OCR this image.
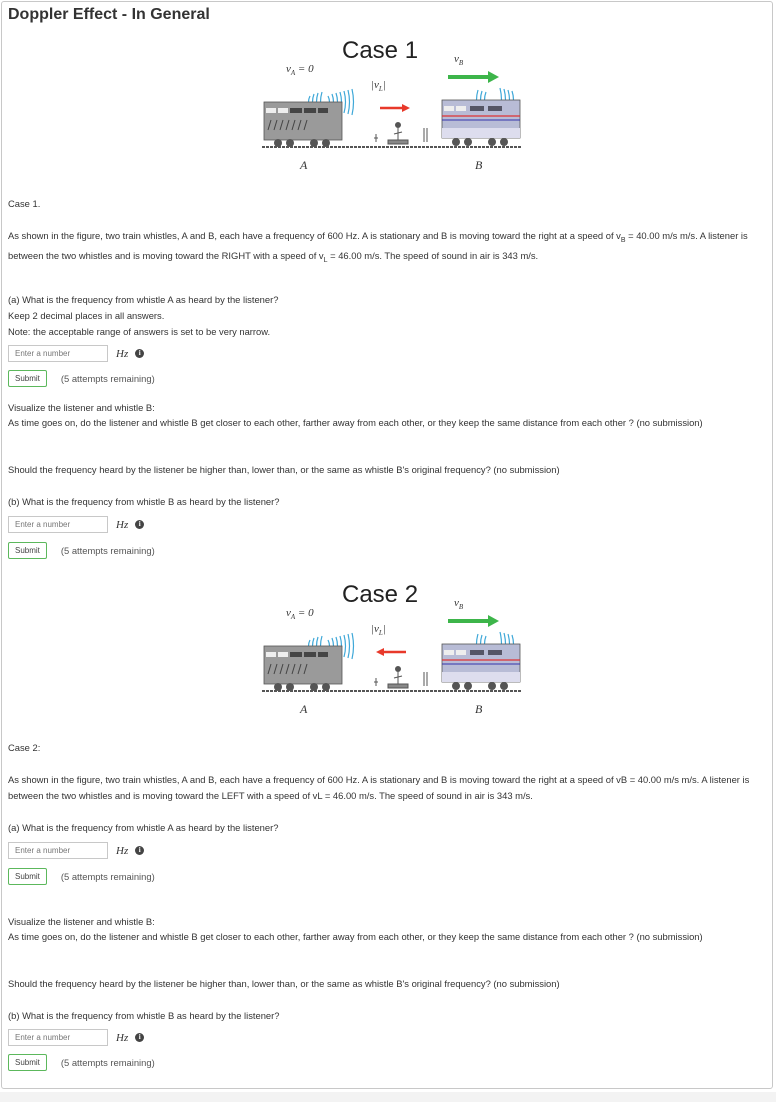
Doppler Effect - In General
Case 1
$v_A = 0$
$|v_L|$
$v_B$
A	B
Case 1.
As shown in the figure, two train whistles, A and B, each have a frequency of 600 Hz. A is stationary and B is moving toward the right at a speed of $v_B = 40.00$ m/s m/s. A listener is between the two whistles and is moving toward the RIGHT with a speed of $v_L = 46.00$ m/s. The speed of sound in air is 343 m/s.
(a) What is the frequency from whistle A as heard by the listener?
Keep 2 decimal places in all answers.
Note: the acceptable range of answers is set to be very narrow.
Enter a number
Hz	i
Submit	(5 attempts remaining)
Visualize the listener and whistle B:
As time goes on, do the listener and whistle B get closer to each other, farther away from each other, or they keep the same distance from each other ? (no submission)
Should the frequency heard by the listener be higher than, lower than, or the same as whistle B's original frequency? (no submission)
(b) What is the frequency from whistle B as heard by the listener?
Enter a number
Hz	i
Submit	(5 attempts remaining)
Case 2
$v_A = 0$
$|v_L|$
$v_B$
A	B
Case 2:
As shown in the figure, two train whistles, A and B, each have a frequency of 600 Hz. A is stationary and B is moving toward the right at a speed of vB = 40.00 m/s m/s. A listener is between the two whistles and is moving toward the LEFT with a speed of vL = 46.00 m/s. The speed of sound in air is 343 m/s.
(a) What is the frequency from whistle A as heard by the listener?
Enter a number
Hz	i
Submit	(5 attempts remaining)
Visualize the listener and whistle B:
As time goes on, do the listener and whistle B get closer to each other, farther away from each other, or they keep the same distance from each other ? (no submission)
Should the frequency heard by the listener be higher than, lower than, or the same as whistle B's original frequency? (no submission)
(b) What is the frequency from whistle B as heard by the listener?
Enter a number
Hz	i
Submit	(5 attempts remaining)
